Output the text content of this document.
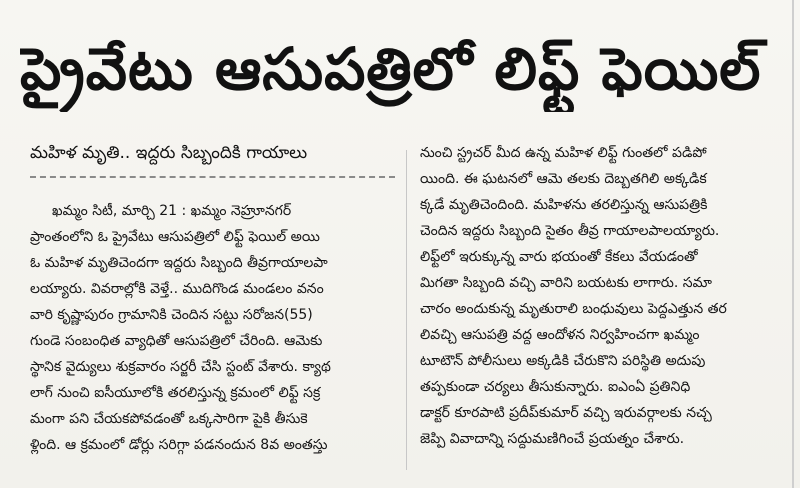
ప్రైవేటు ఆసుపత్రిలో లిఫ్ట్ ఫెయిల్
మహిళ మృతి.. ఇద్దరు సిబ్బందికి గాయాలు
ఖమ్మం సిటీ, మార్చి 21 : ఖమ్మం నెహ్రూనగర్
ప్రాంతంలోని ఓ ప్రైవేటు ఆసుపత్రిలో లిఫ్ట్ ఫెయిల్ అయి
ఓ మహిళ మృతిచెందగా ఇద్దరు సిబ్బంది తీవ్రగాయాలపా
లయ్యారు. వివరాల్లోకి వెళ్తే.. ముదిగొండ మండలం వనం
వారి కృష్ణాపురం గ్రామానికి చెందిన సట్టు సరోజన(55)
గుండె సంబంధిత వ్యాధితో ఆసుపత్రిలో చేరింది. ఆమెకు
స్థానిక వైద్యులు శుక్రవారం సర్జరీ చేసి స్టంట్ వేశారు. క్యాథ
లాగ్ నుంచి ఐసీయూలోకి తరలిస్తున్న క్రమంలో లిఫ్ట్ సక్ర
మంగా పని చేయకపోవడంతో ఒక్కసారిగా పైకి తీసుకె
ళ్లింది. ఆ క్రమంలో డోర్లు సరిగ్గా పడనందున 8వ అంతస్తు
నుంచి స్ట్రచర్ మీద ఉన్న మహిళ లిఫ్ట్ గుంతలో పడిపో
యింది. ఈ ఘటనలో ఆమె తలకు దెబ్బతగిలి అక్కడిక
క్కడే మృతిచెందింది. మహిళను తరలిస్తున్న ఆసుపత్రికి
చెందిన ఇద్దరు సిబ్బంది సైతం తీవ్ర గాయాలపాలయ్యారు.
లిఫ్ట్‌లో ఇరుక్కున్న వారు భయంతో కేకలు వేయడంతో
మిగతా సిబ్బంది వచ్చి వారిని బయటకు లాగారు. సమా
చారం అందుకున్న మృతురాలి బంధువులు పెద్దఎత్తున తర
లివచ్చి ఆసుపత్రి వద్ద ఆందోళన నిర్వహించగా ఖమ్మం
టూటౌన్ పోలీసులు అక్కడికి చేరుకొని పరిస్థితి అదుపు
తప్పకుండా చర్యలు తీసుకున్నారు. ఐఎంఏ ప్రతినిధి
డాక్టర్ కూరపాటి ప్రదీప్‌కుమార్ వచ్చి ఇరువర్గాలకు నచ్చ
జెప్పి వివాదాన్ని సద్దుమణిగించే ప్రయత్నం చేశారు.
